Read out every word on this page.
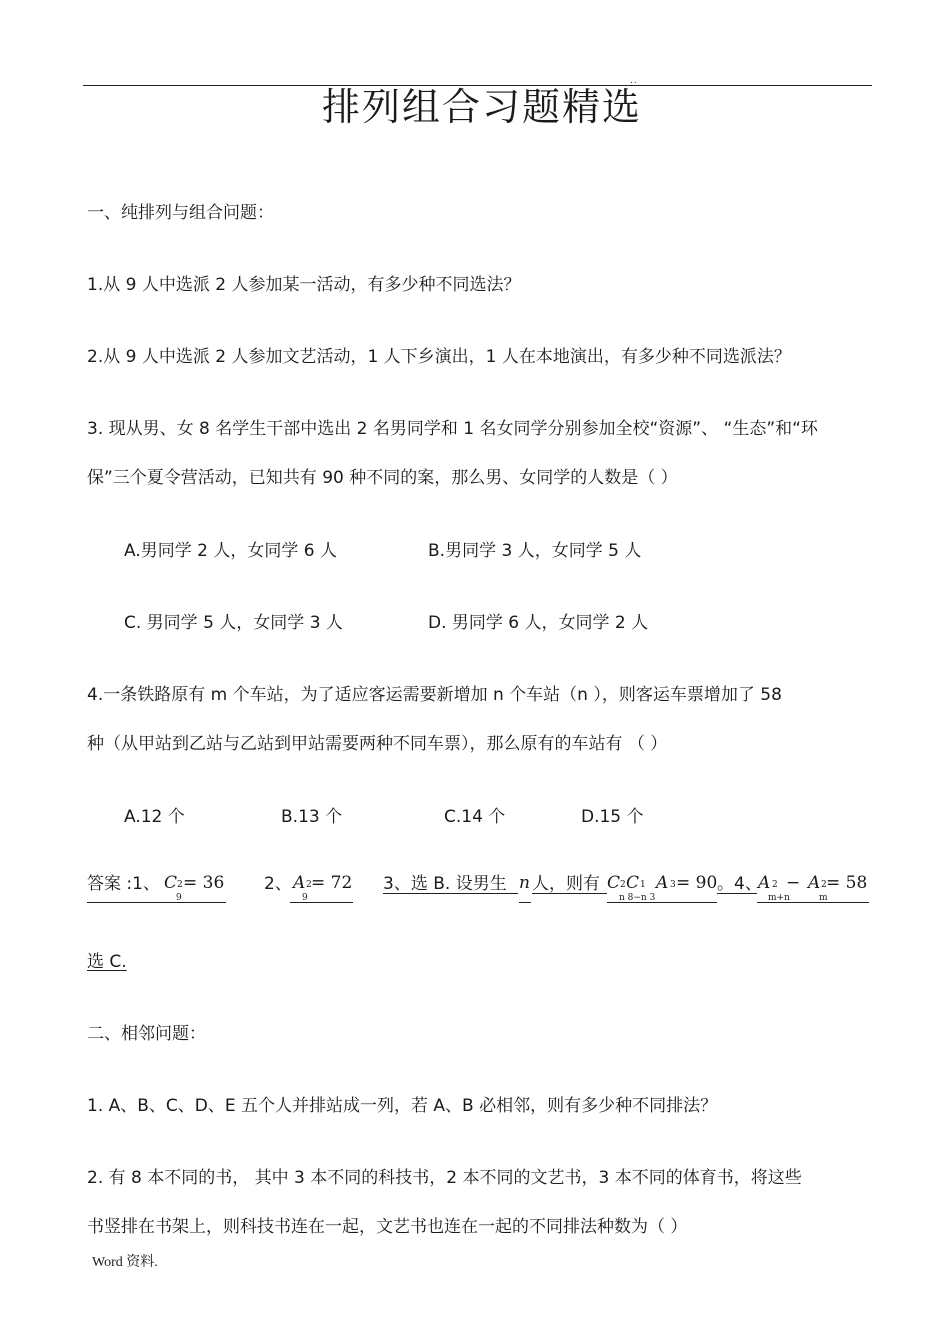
..
排列组合习题精选
一、纯排列与组合问题：
1.从 9 人中选派 2 人参加某一活动，有多少种不同选法？
2.从 9 人中选派 2 人参加文艺活动，1 人下乡演出，1 人在本地演出，有多少种不同选派法？
3. 现从男、女 8 名学生干部中选出 2 名男同学和 1 名女同学分别参加全校“资源”、 “生态”和“环
保”三个夏令营活动，已知共有 90 种不同的案，那么男、女同学的人数是（ ）
A.男同学 2 人，女同学 6 人	B.男同学 3 人，女同学 5 人
C. 男同学 5 人，女同学 3 人	D. 男同学 6 人，女同学 2 人
4.一条铁路原有 m 个车站，为了适应客运需要新增加 n 个车站（n ），则客运车票增加了 58
种（从甲站到乙站与乙站到甲站需要两种不同车票），那么原有的车站有 （ ）
A.12 个	B.13 个	C.14 个	D.15 个
答案 :1、 C 2 = 36
9
2、 A 2 = 72
9
3、选 B. 设男生 n 人，则有 C 2 C 1 A 3 = 90
n 8−n 3
。4、
A 2 − A 2 = 58
m+n	m
选 C.
二、相邻问题：
1. A、B、C、D、E 五个人并排站成一列，若 A、B 必相邻，则有多少种不同排法？
2. 有 8 本不同的书， 其中 3 本不同的科技书，2 本不同的文艺书，3 本不同的体育书，将这些
书竖排在书架上，则科技书连在一起，文艺书也连在一起的不同排法种数为（ ）
Word 资料.
